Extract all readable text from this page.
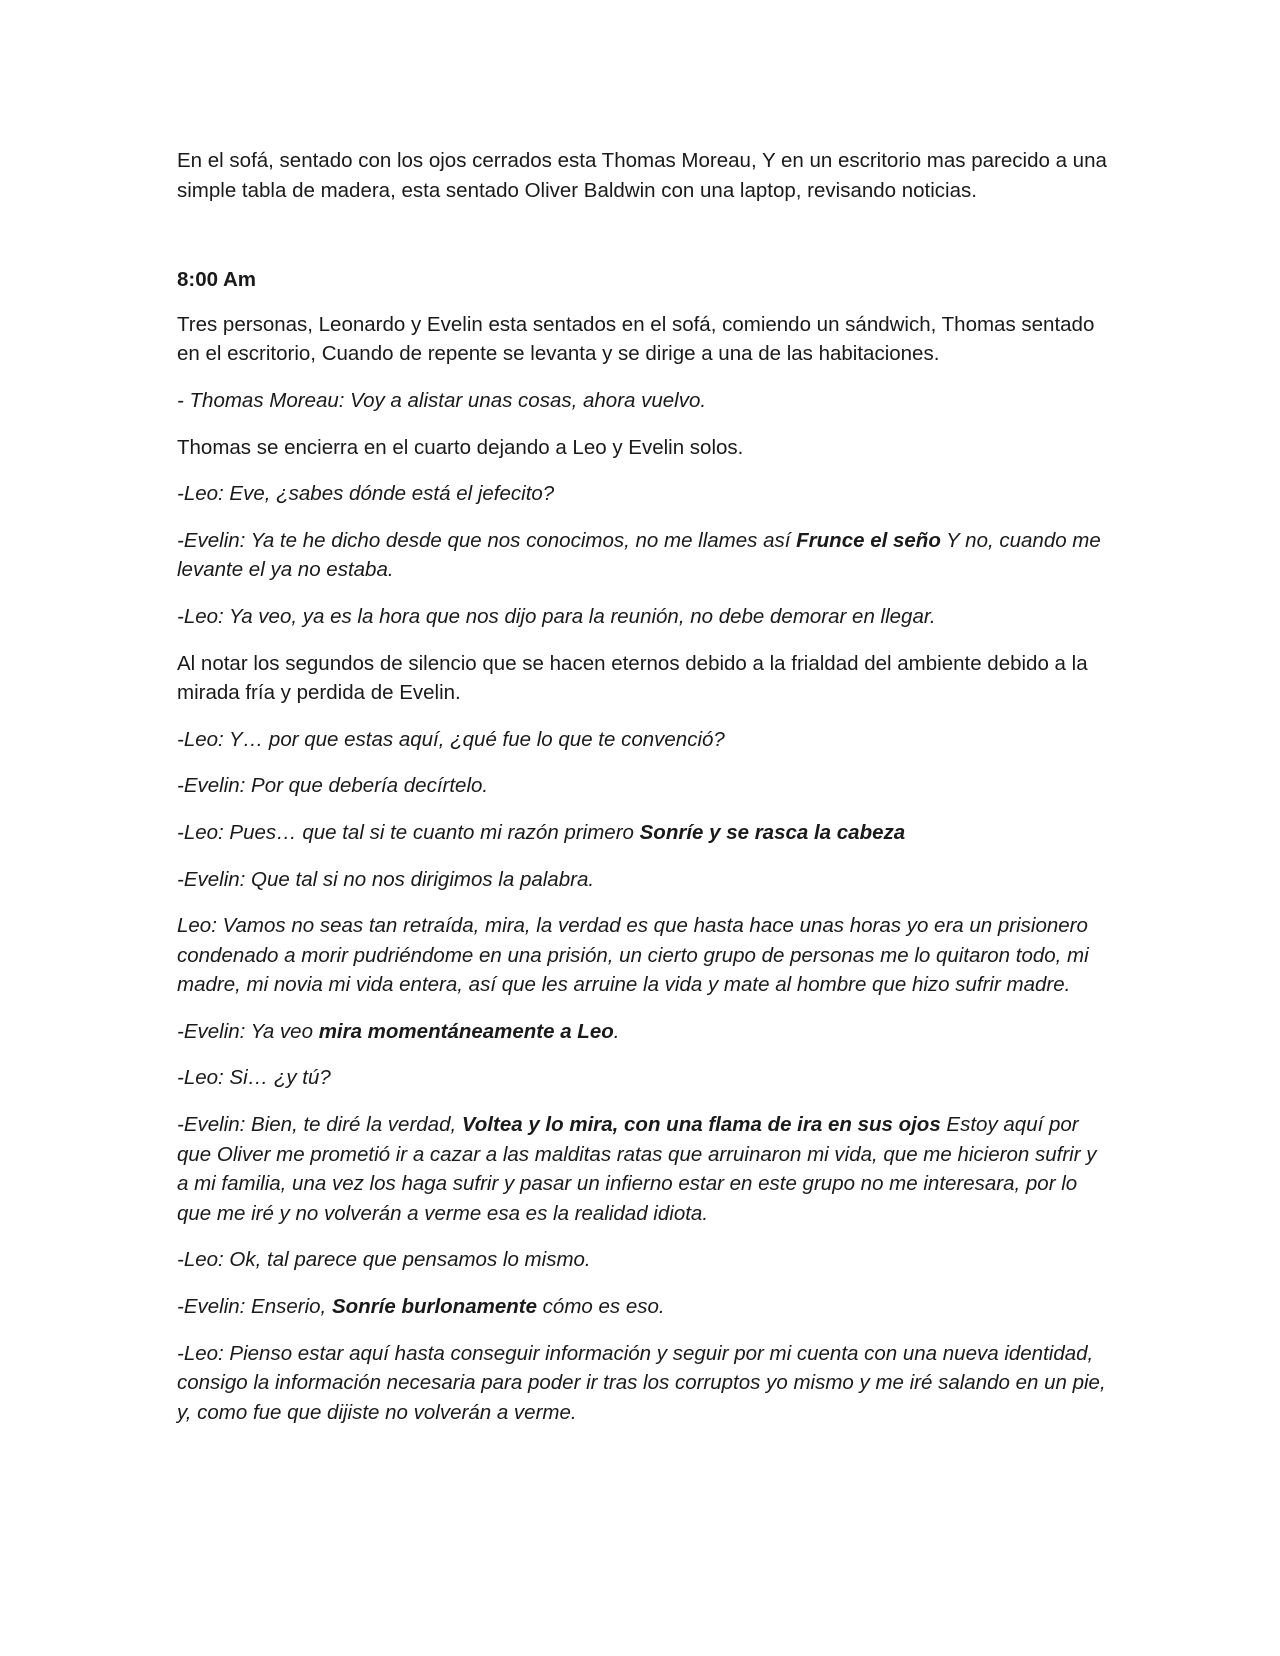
En el sofá, sentado con los ojos cerrados esta Thomas Moreau, Y en un escritorio mas parecido a una simple tabla de madera, esta sentado Oliver Baldwin con una laptop, revisando noticias.

8:00 Am

Tres personas, Leonardo y Evelin esta sentados en el sofá, comiendo un sándwich, Thomas sentado en el escritorio, Cuando de repente se levanta y se dirige a una de las habitaciones.

- Thomas Moreau: Voy a alistar unas cosas, ahora vuelvo.

Thomas se encierra en el cuarto dejando a Leo y Evelin solos.

-Leo: Eve, ¿sabes dónde está el jefecito?

-Evelin: Ya te he dicho desde que nos conocimos, no me llames así Frunce el seño Y no, cuando me levante el ya no estaba.

-Leo: Ya veo, ya es la hora que nos dijo para la reunión, no debe demorar en llegar.

Al notar los segundos de silencio que se hacen eternos debido a la frialdad del ambiente debido a la mirada fría y perdida de Evelin.

-Leo: Y… por que estas aquí, ¿qué fue lo que te convenció?

-Evelin: Por que debería decírtelo.

-Leo: Pues… que tal si te cuanto mi razón primero Sonríe y se rasca la cabeza

-Evelin: Que tal si no nos dirigimos la palabra.

Leo: Vamos no seas tan retraída, mira, la verdad es que hasta hace unas horas yo era un prisionero condenado a morir pudriéndome en una prisión, un cierto grupo de personas me lo quitaron todo, mi madre, mi novia mi vida entera, así que les arruine la vida y mate al hombre que hizo sufrir madre.

-Evelin: Ya veo mira momentáneamente a Leo.

-Leo: Si… ¿y tú?

-Evelin: Bien, te diré la verdad, Voltea y lo mira, con una flama de ira en sus ojos Estoy aquí por que Oliver me prometió ir a cazar a las malditas ratas que arruinaron mi vida, que me hicieron sufrir y a mi familia, una vez los haga sufrir y pasar un infierno estar en este grupo no me interesara, por lo que me iré y no volverán a verme esa es la realidad idiota.

-Leo: Ok, tal parece que pensamos lo mismo.

-Evelin: Enserio, Sonríe burlonamente cómo es eso.

-Leo: Pienso estar aquí hasta conseguir información y seguir por mi cuenta con una nueva identidad, consigo la información necesaria para poder ir tras los corruptos yo mismo y me iré salando en un pie, y, como fue que dijiste no volverán a verme.
